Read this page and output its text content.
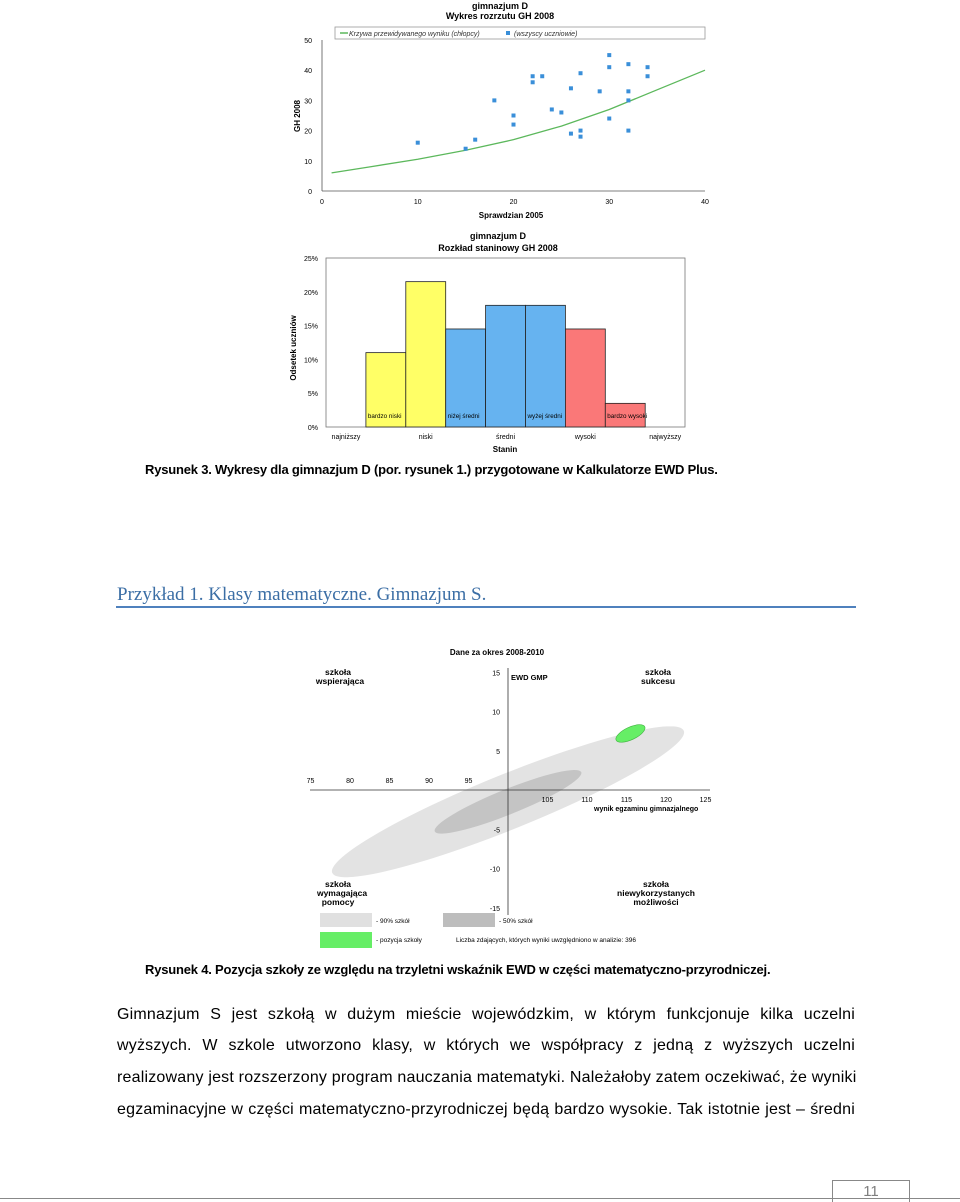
gimnazjum D
Wykres rozrzutu GH 2008
Krzywa przewidywanego wyniku (chłopcy)	(wszyscy uczniowie)
GH 2008
Sprawdzian 2005
0	10	20	30	40
0
10
20
30
40
50
gimnazjum D
Rozkład staninowy GH 2008
Odsetek uczniów
Stanin
0%
5%
10%
15%
20%
25%
bardzo niski	niżej średni	wyżej średni	bardzo wysoki
najniższy	niski	średni	wysoki	najwyższy
Rysunek 3. Wykresy dla gimnazjum D (por. rysunek 1.) przygotowane w Kalkulatorze EWD Plus.
Przykład 1. Klasy matematyczne. Gimnazjum S.
Dane za okres 2008-2010
75	80	85	90	95
105	110	115	120	125
15
10
5
-5
-10
-15
EWD GMP
wynik egzaminu gimnazjalnego
szkoła
wspierająca
szkoła
sukcesu
szkoła
wymagająca
pomocy
szkoła
niewykorzystanych
możliwości
- 90% szkół	- 50% szkół
- pozycja szkoły	Liczba zdających, których wyniki uwzględniono w analizie: 396
Rysunek 4. Pozycja szkoły ze względu na trzyletni wskaźnik EWD w części matematyczno-przyrodniczej.
Gimnazjum S jest szkołą w dużym mieście wojewódzkim, w którym funkcjonuje kilka uczelni
wyższych. W szkole utworzono klasy, w których we współpracy z jedną z wyższych uczelni
realizowany jest rozszerzony program nauczania matematyki. Należałoby zatem oczekiwać, że wyniki
egzaminacyjne w części matematyczno-przyrodniczej będą bardzo wysokie. Tak istotnie jest – średni
11
